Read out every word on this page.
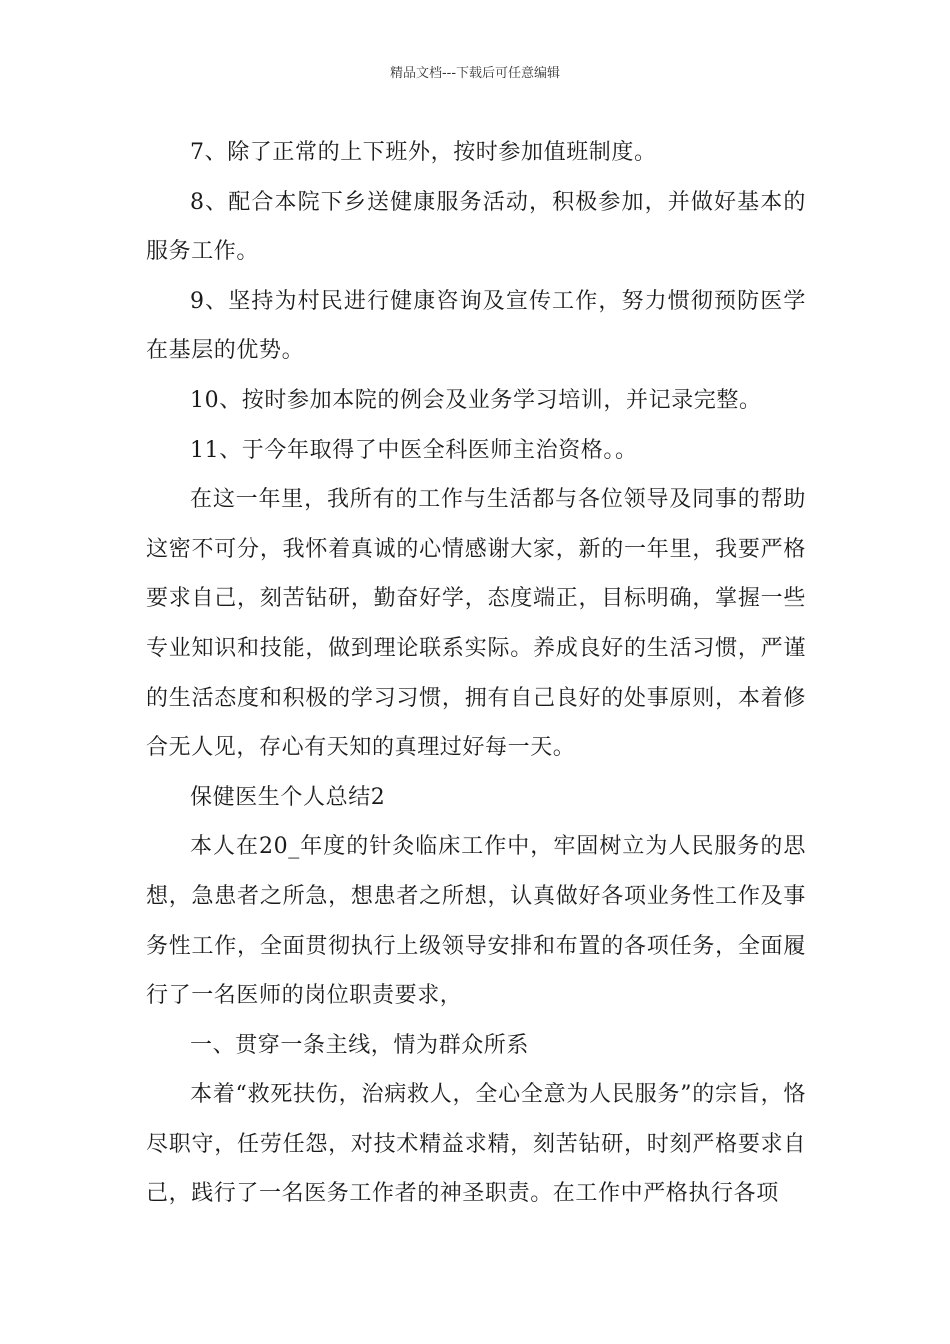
精品文档---下载后可任意编辑

7、除了正常的上下班外，按时参加值班制度。

8、配合本院下乡送健康服务活动，积极参加，并做好基本的服务工作。

9、坚持为村民进行健康咨询及宣传工作，努力惯彻预防医学在基层的优势。

10、按时参加本院的例会及业务学习培训，并记录完整。

11、于今年取得了中医全科医师主治资格。。

在这一年里，我所有的工作与生活都与各位领导及同事的帮助这密不可分，我怀着真诚的心情感谢大家，新的一年里，我要严格要求自己，刻苦钻研，勤奋好学，态度端正，目标明确，掌握一些专业知识和技能，做到理论联系实际。养成良好的生活习惯，严谨的生活态度和积极的学习习惯，拥有自己良好的处事原则，本着修合无人见，存心有天知的真理过好每一天。

保健医生个人总结2

本人在20_年度的针灸临床工作中，牢固树立为人民服务的思想，急患者之所急，想患者之所想，认真做好各项业务性工作及事务性工作，全面贯彻执行上级领导安排和布置的各项任务，全面履行了一名医师的岗位职责要求，

一、贯穿一条主线，情为群众所系

本着“救死扶伤，治病救人，全心全意为人民服务”的宗旨，恪尽职守，任劳任怨，对技术精益求精，刻苦钻研，时刻严格要求自己，践行了一名医务工作者的神圣职责。在工作中严格执行各项
